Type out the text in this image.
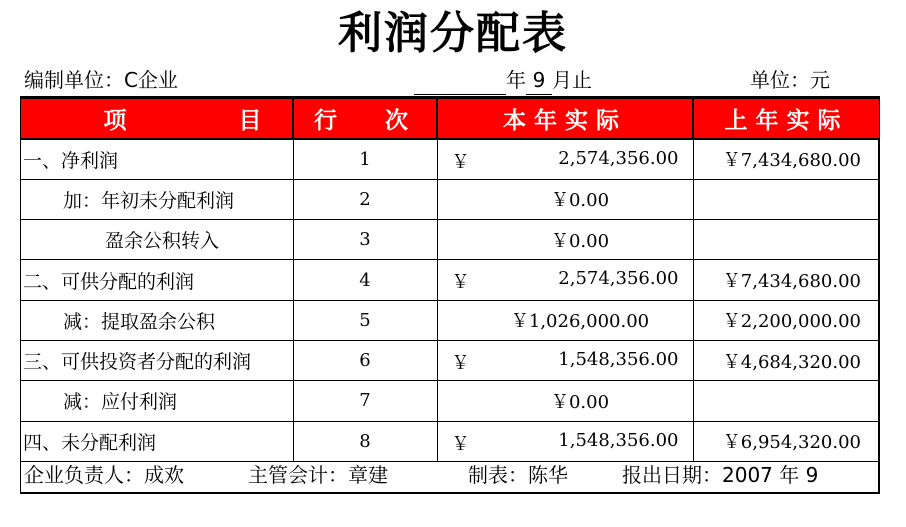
利润分配表
编制单位：C企业	年 9 月止	单位：元
项 目	行 次	本年实际	上年实际
一、净利润	1	￥ 2,574,356.00	￥7,434,680.00
加：年初未分配利润	2	￥0.00	

盈余公积转入	3	￥0.00	

二、可供分配的利润	4	￥ 2,574,356.00	￥7,434,680.00
减：提取盈余公积	5	￥1,026,000.00	￥2,200,000.00
三、可供投资者分配的利润	6	￥ 1,548,356.00	￥4,684,320.00
减：应付利润	7	￥0.00	

四、未分配利润	8	￥ 1,548,356.00	￥6,954,320.00
企业负责人：成欢	主管会计：章建	制表：陈华	报出日期：2007 年 9
